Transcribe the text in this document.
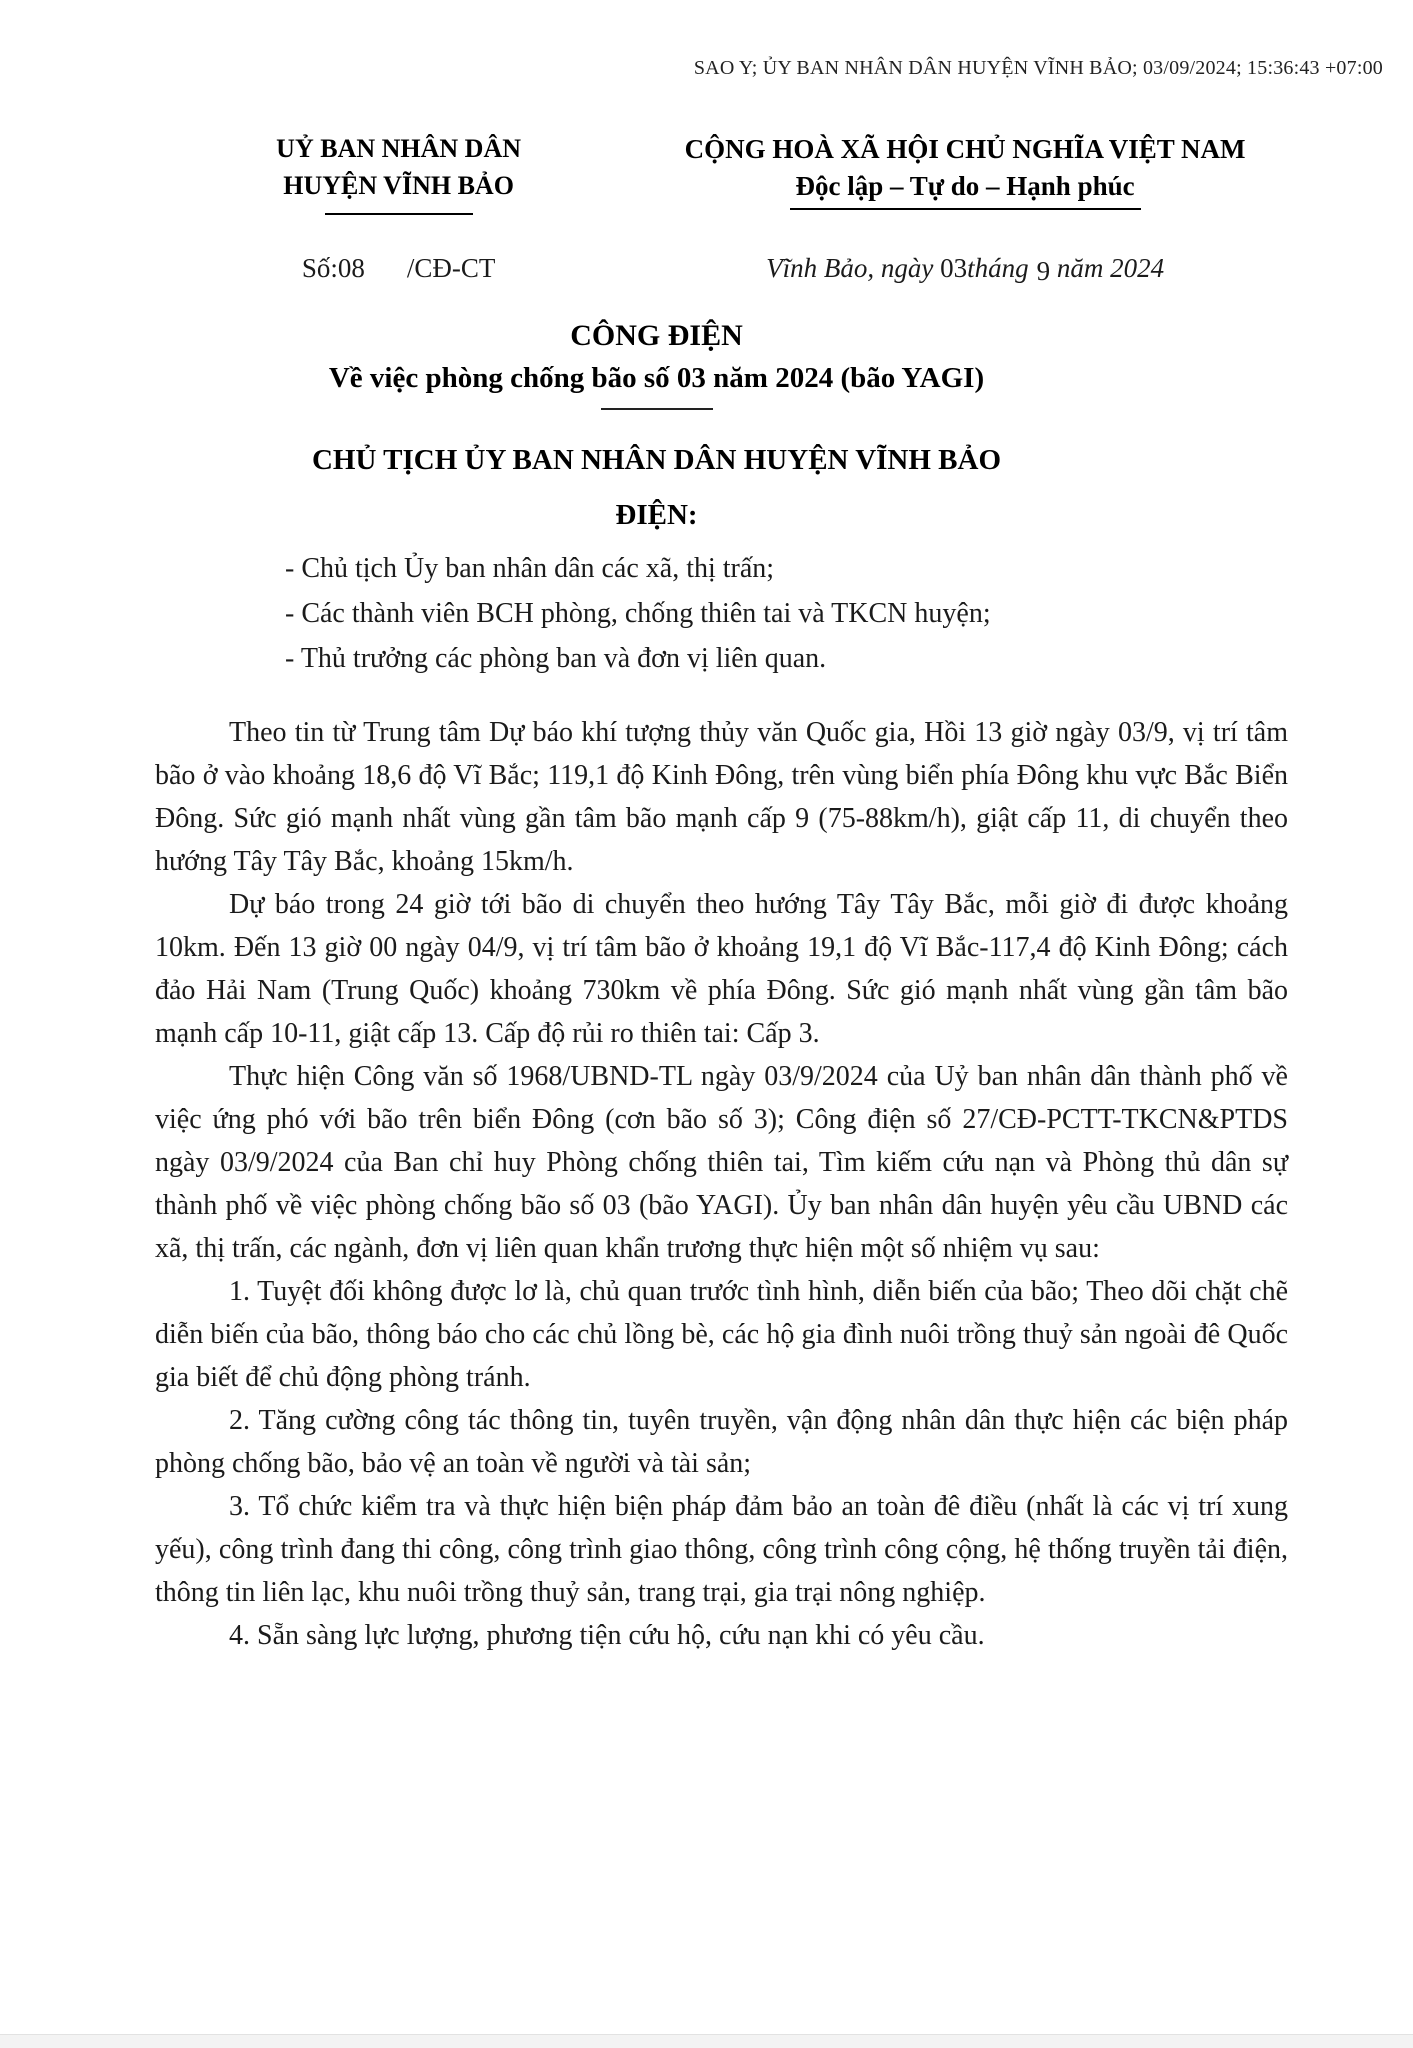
SAO Y; ỦY BAN NHÂN DÂN HUYỆN VĨNH BẢO; 03/09/2024; 15:36:43 +07:00
UỶ BAN NHÂN DÂN
HUYỆN VĨNH BẢO
CỘNG HOÀ XÃ HỘI CHỦ NGHĨA VIỆT NAM
Độc lập – Tự do – Hạnh phúc
Số:08 /CĐ-CT	Vĩnh Bảo, ngày 03tháng 9 năm 2024
CÔNG ĐIỆN
Về việc phòng chống bão số 03 năm 2024 (bão YAGI)
CHỦ TỊCH ỦY BAN NHÂN DÂN HUYỆN VĨNH BẢO
ĐIỆN:
- Chủ tịch Ủy ban nhân dân các xã, thị trấn;
- Các thành viên BCH phòng, chống thiên tai và TKCN huyện;
- Thủ trưởng các phòng ban và đơn vị liên quan.

Theo tin từ Trung tâm Dự báo khí tượng thủy văn Quốc gia, Hồi 13 giờ ngày 03/9, vị trí tâm bão ở vào khoảng 18,6 độ Vĩ Bắc; 119,1 độ Kinh Đông, trên vùng biển phía Đông khu vực Bắc Biển Đông. Sức gió mạnh nhất vùng gần tâm bão mạnh cấp 9 (75-88km/h), giật cấp 11, di chuyển theo hướng Tây Tây Bắc, khoảng 15km/h.

Dự báo trong 24 giờ tới bão di chuyển theo hướng Tây Tây Bắc, mỗi giờ đi được khoảng 10km. Đến 13 giờ 00 ngày 04/9, vị trí tâm bão ở khoảng 19,1 độ Vĩ Bắc-117,4 độ Kinh Đông; cách đảo Hải Nam (Trung Quốc) khoảng 730km về phía Đông. Sức gió mạnh nhất vùng gần tâm bão mạnh cấp 10-11, giật cấp 13. Cấp độ rủi ro thiên tai: Cấp 3.

Thực hiện Công văn số 1968/UBND-TL ngày 03/9/2024 của Uỷ ban nhân dân thành phố về việc ứng phó với bão trên biển Đông (cơn bão số 3); Công điện số 27/CĐ-PCTT-TKCN&PTDS ngày 03/9/2024 của Ban chỉ huy Phòng chống thiên tai, Tìm kiếm cứu nạn và Phòng thủ dân sự thành phố về việc phòng chống bão số 03 (bão YAGI). Ủy ban nhân dân huyện yêu cầu UBND các xã, thị trấn, các ngành, đơn vị liên quan khẩn trương thực hiện một số nhiệm vụ sau:

1. Tuyệt đối không được lơ là, chủ quan trước tình hình, diễn biến của bão; Theo dõi chặt chẽ diễn biến của bão, thông báo cho các chủ lồng bè, các hộ gia đình nuôi trồng thuỷ sản ngoài đê Quốc gia biết để chủ động phòng tránh.

2. Tăng cường công tác thông tin, tuyên truyền, vận động nhân dân thực hiện các biện pháp phòng chống bão, bảo vệ an toàn về người và tài sản;

3. Tổ chức kiểm tra và thực hiện biện pháp đảm bảo an toàn đê điều (nhất là các vị trí xung yếu), công trình đang thi công, công trình giao thông, công trình công cộng, hệ thống truyền tải điện, thông tin liên lạc, khu nuôi trồng thuỷ sản, trang trại, gia trại nông nghiệp.

4. Sẵn sàng lực lượng, phương tiện cứu hộ, cứu nạn khi có yêu cầu.
